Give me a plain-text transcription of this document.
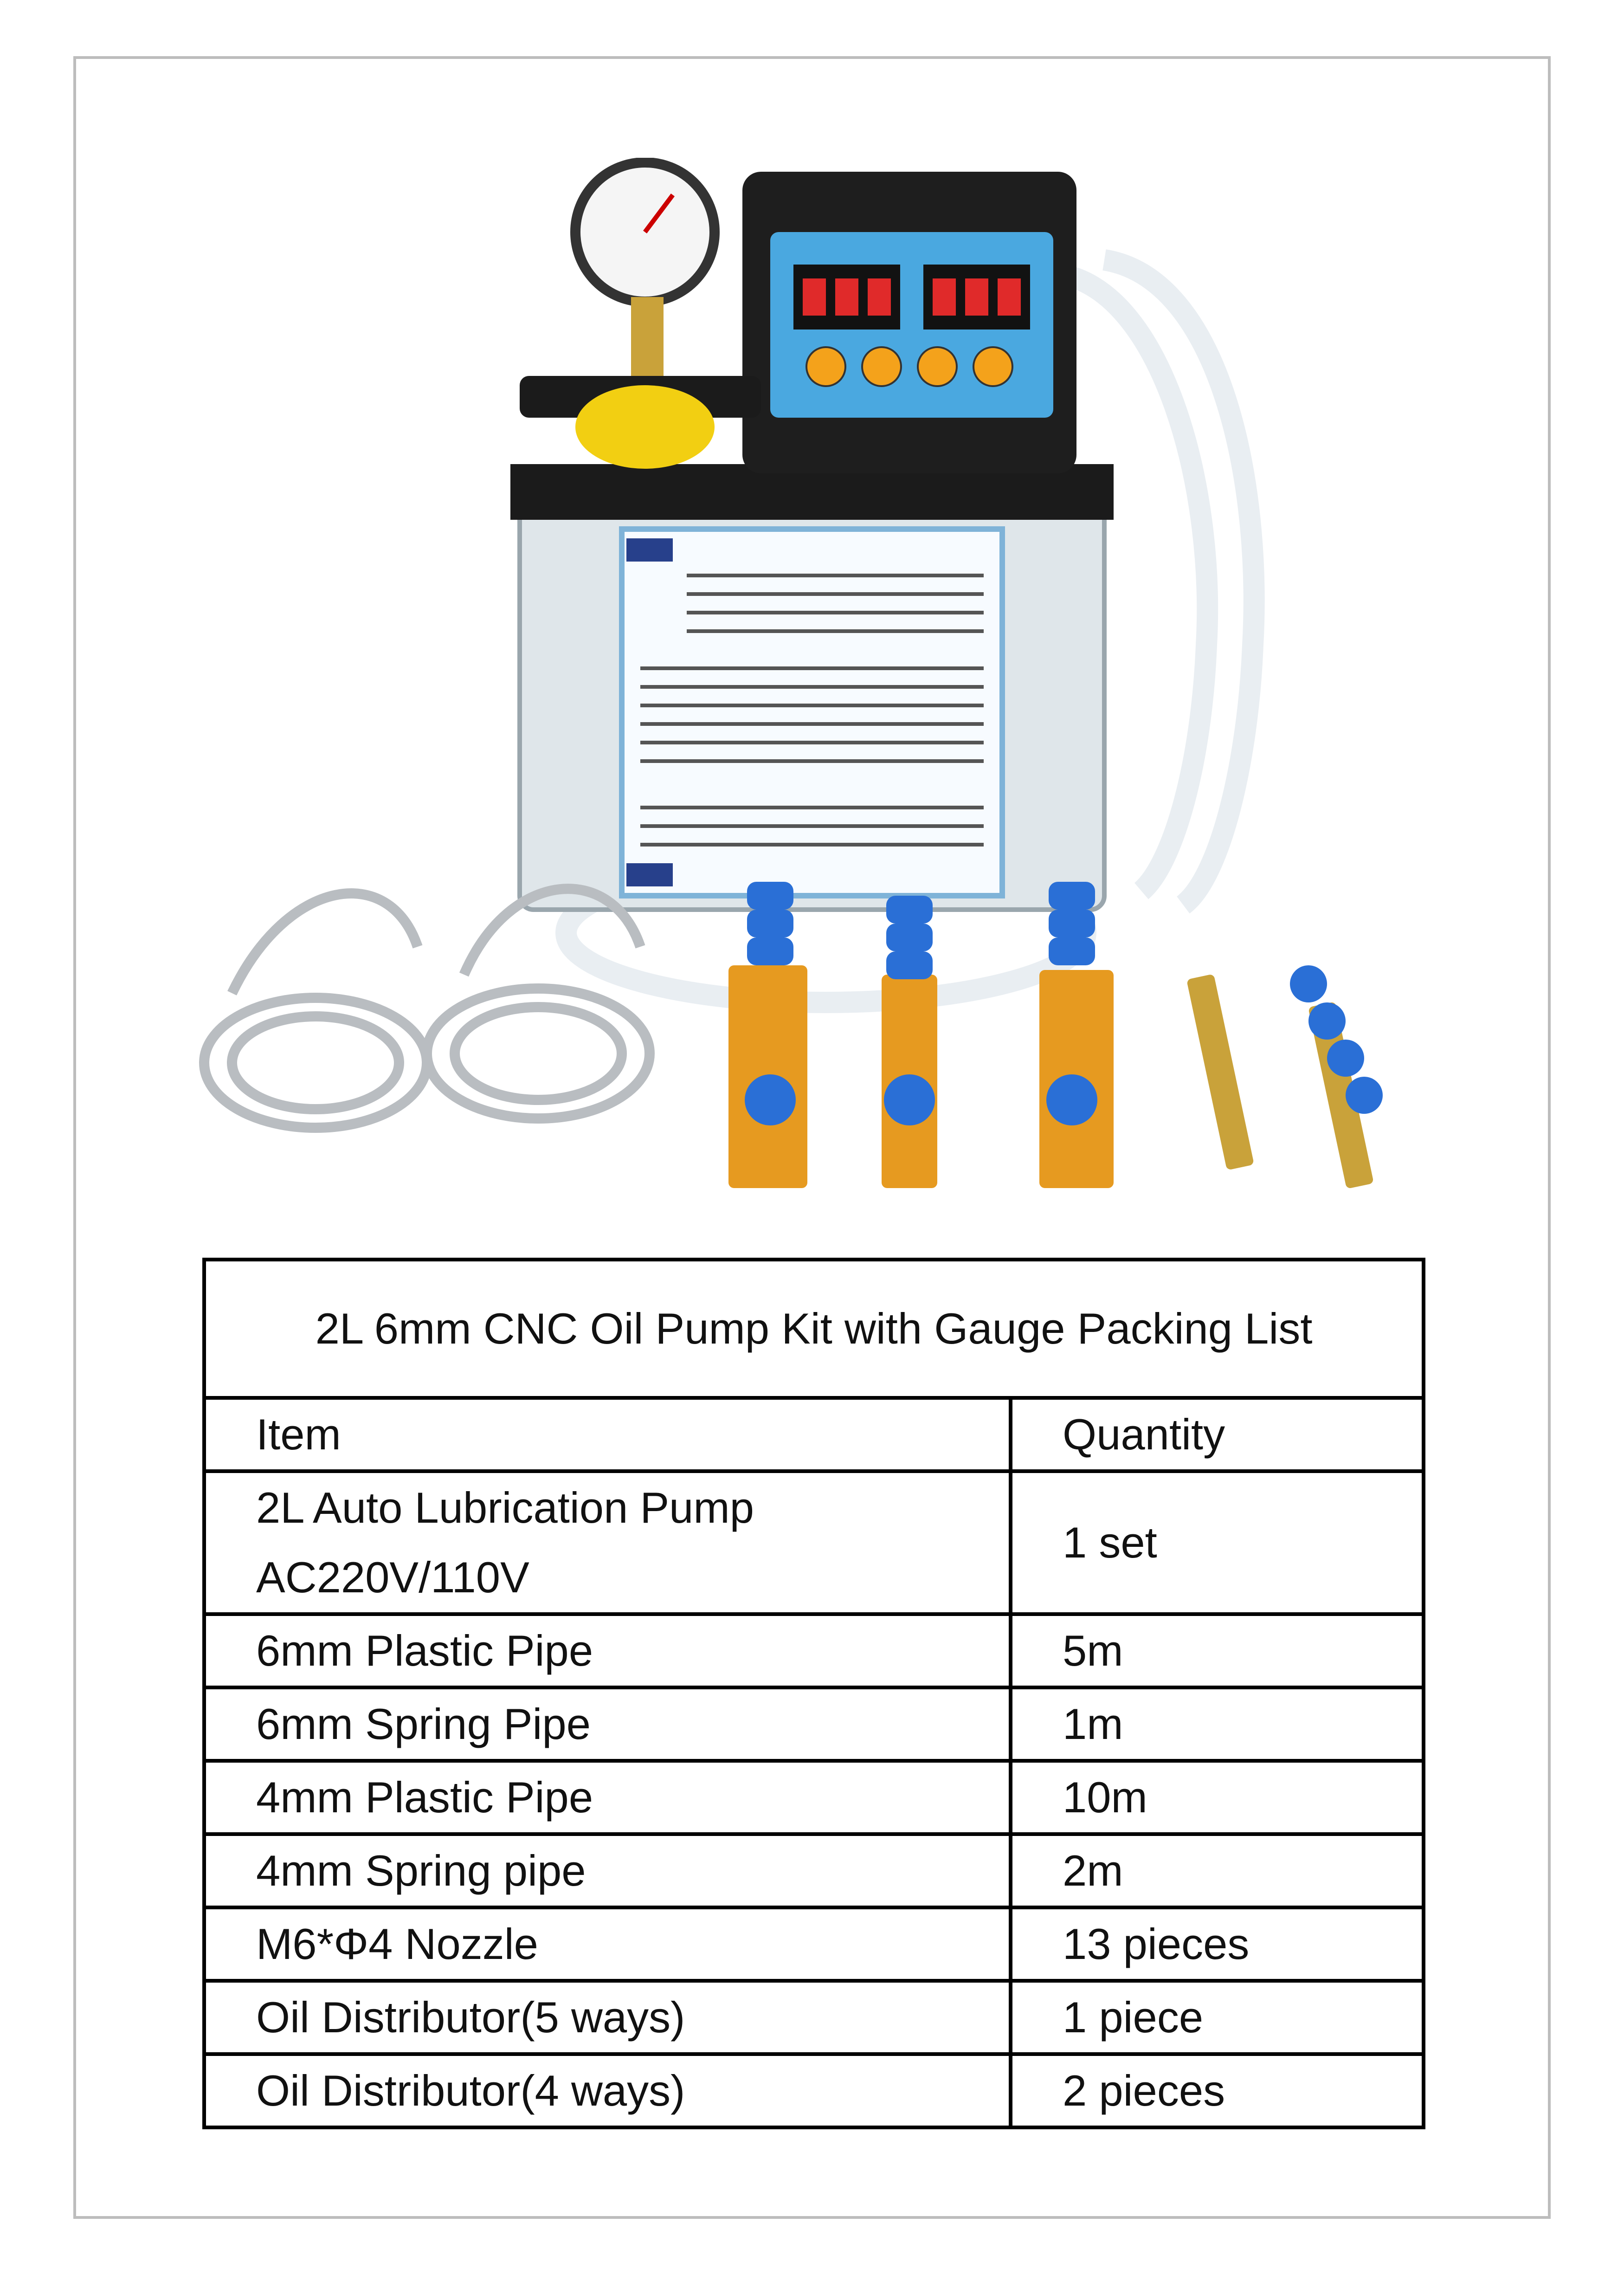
2L 6mm CNC Oil Pump Kit with Gauge Packing List	
Item	Quantity

2L Auto Lubrication Pump
AC220V/110V	1 set
6mm Plastic Pipe	5m
6mm Spring Pipe	1m
4mm Plastic Pipe	10m
4mm Spring pipe	2m
M6*Φ4 Nozzle	13 pieces
Oil Distributor(5 ways)	1 piece
Oil Distributor(4 ways)	2 pieces
